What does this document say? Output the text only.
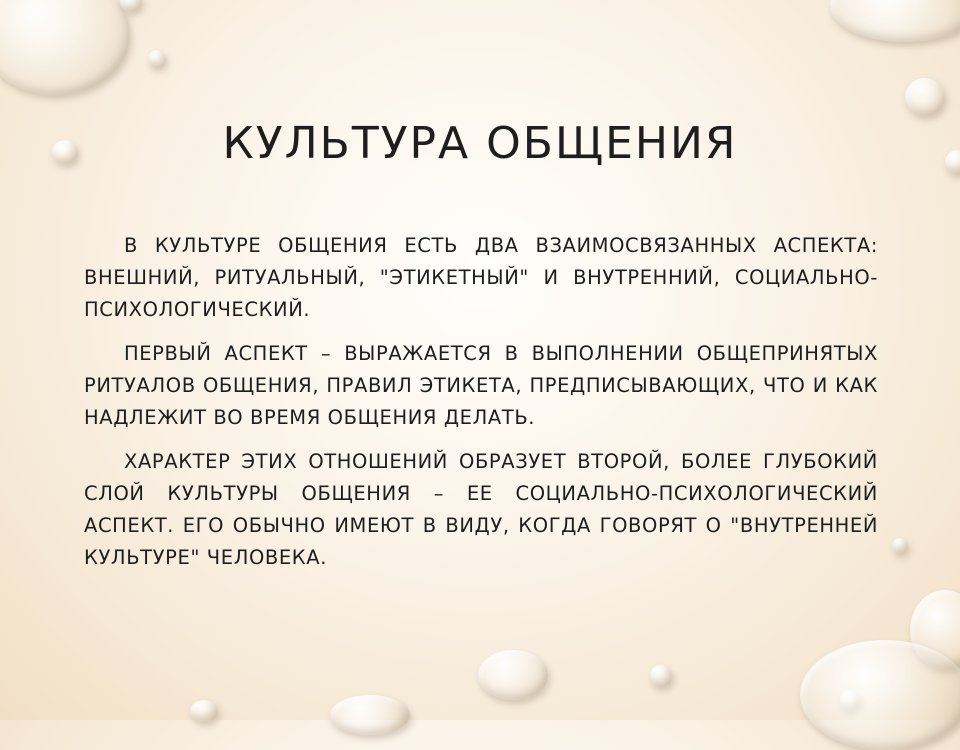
КУЛЬТУРА ОБЩЕНИЯ

В КУЛЬТУРЕ ОБЩЕНИЯ ЕСТЬ ДВА ВЗАИМОСВЯЗАННЫХ АСПЕКТА: ВНЕШНИЙ, РИТУАЛЬНЫЙ, "ЭТИКЕТНЫЙ" И ВНУТРЕННИЙ, СОЦИАЛЬНО-ПСИХОЛОГИЧЕСКИЙ.

ПЕРВЫЙ АСПЕКТ – ВЫРАЖАЕТСЯ В ВЫПОЛНЕНИИ ОБЩЕПРИНЯТЫХ РИТУАЛОВ ОБЩЕНИЯ, ПРАВИЛ ЭТИКЕТА, ПРЕДПИСЫВАЮЩИХ, ЧТО И КАК НАДЛЕЖИТ ВО ВРЕМЯ ОБЩЕНИЯ ДЕЛАТЬ.

ХАРАКТЕР ЭТИХ ОТНОШЕНИЙ ОБРАЗУЕТ ВТОРОЙ, БОЛЕЕ ГЛУБОКИЙ СЛОЙ КУЛЬТУРЫ ОБЩЕНИЯ – ЕЕ СОЦИАЛЬНО-ПСИХОЛОГИЧЕСКИЙ АСПЕКТ. ЕГО ОБЫЧНО ИМЕЮТ В ВИДУ, КОГДА ГОВОРЯТ О "ВНУТРЕННЕЙ КУЛЬТУРЕ" ЧЕЛОВЕКА.
